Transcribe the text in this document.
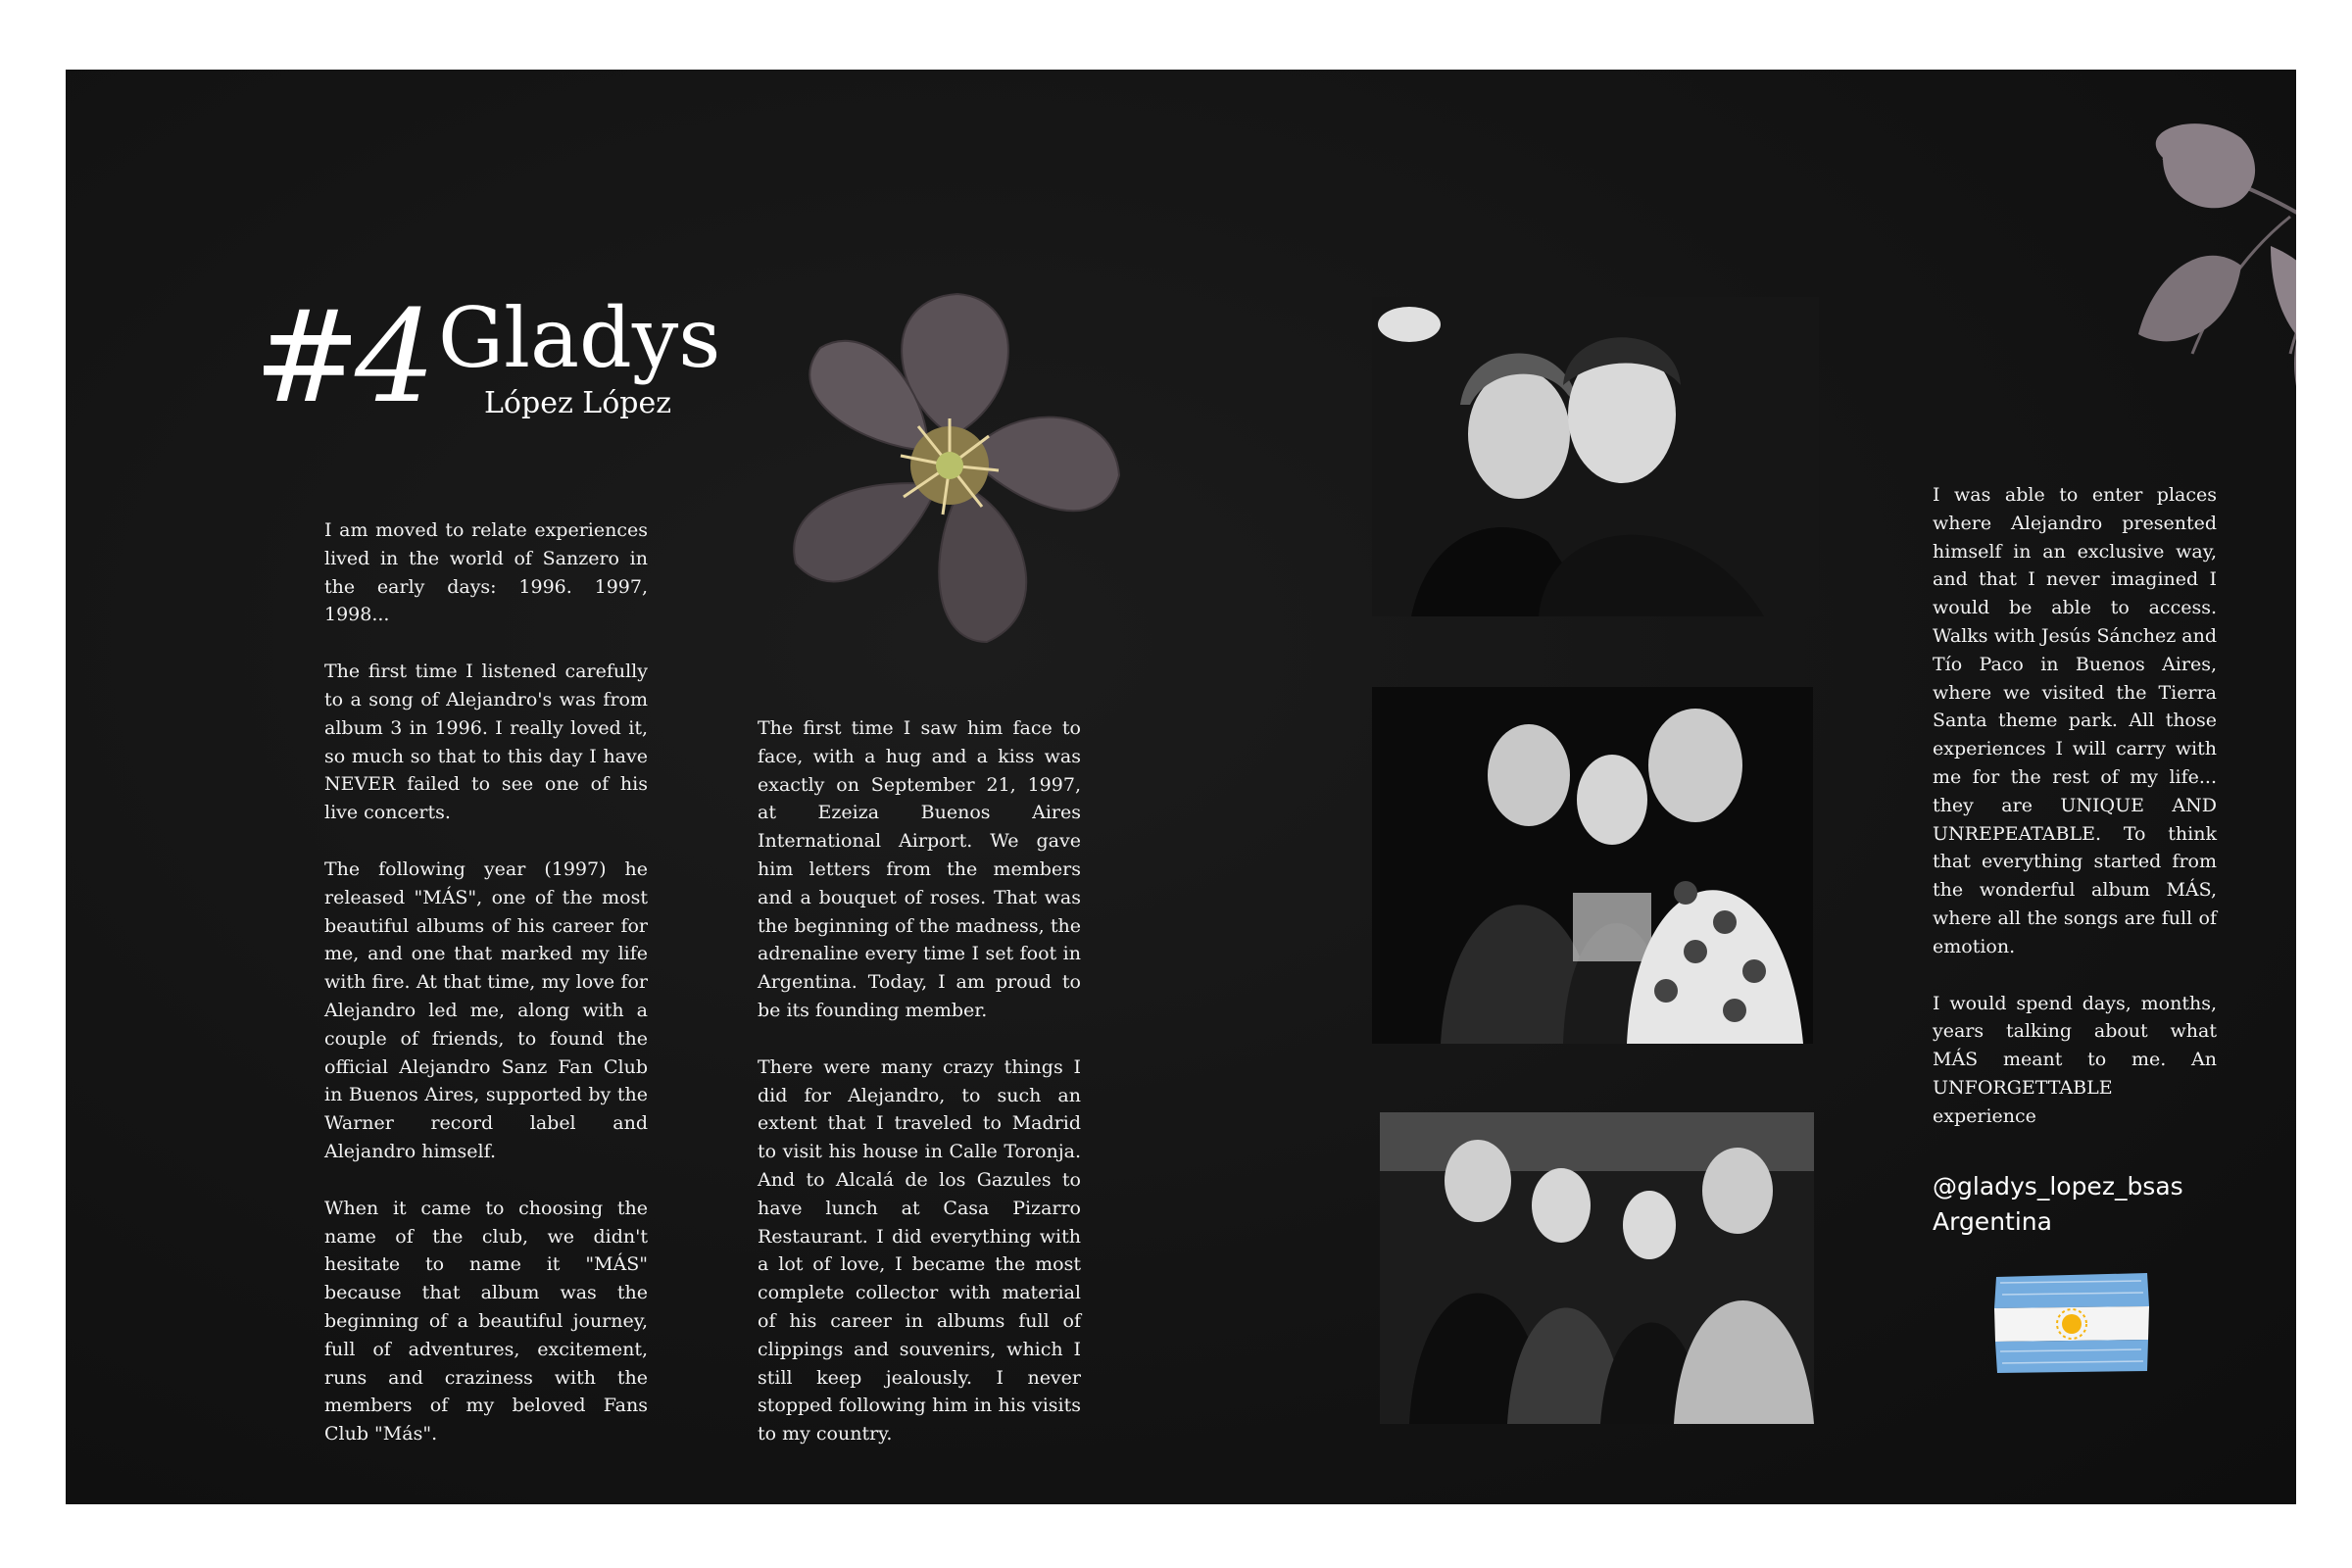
#4 Gladys
López López

I am moved to relate experiences lived in the world of Sanzero in the early days: 1996. 1997, 1998...

The first time I listened carefully to a song of Alejandro's was from album 3 in 1996. I really loved it, so much so that to this day I have NEVER failed to see one of his live concerts.

The following year (1997) he released "MÁS", one of the most beautiful albums of his career for me, and one that marked my life with fire. At that time, my love for Alejandro led me, along with a couple of friends, to found the official Alejandro Sanz Fan Club in Buenos Aires, supported by the Warner record label and Alejandro himself.

When it came to choosing the name of the club, we didn't hesitate to name it "MÁS" because that album was the beginning of a beautiful journey, full of adventures, excitement, runs and craziness with the members of my beloved Fans Club "Más".

The first time I saw him face to face, with a hug and a kiss was exactly on September 21, 1997, at Ezeiza Buenos Aires International Airport. We gave him letters from the members and a bouquet of roses. That was the beginning of the madness, the adrenaline every time I set foot in Argentina. Today, I am proud to be its founding member.

There were many crazy things I did for Alejandro, to such an extent that I traveled to Madrid to visit his house in Calle Toronja. And to Alcalá de los Gazules to have lunch at Casa Pizarro Restaurant. I did everything with a lot of love, I became the most complete collector with material of his career in albums full of clippings and souvenirs, which I still keep jealously. I never stopped following him in his visits to my country.

I was able to enter places where Alejandro presented himself in an exclusive way, and that I never imagined I would be able to access. Walks with Jesús Sánchez and Tío Paco in Buenos Aires, where we visited the Tierra Santa theme park. All those experiences I will carry with me for the rest of my life... they are UNIQUE AND UNREPEATABLE. To think that everything started from the wonderful album MÁS, where all the songs are full of emotion.

I would spend days, months, years talking about what MÁS meant to me. An UNFORGETTABLE experience

@gladys_lopez_bsas
Argentina
